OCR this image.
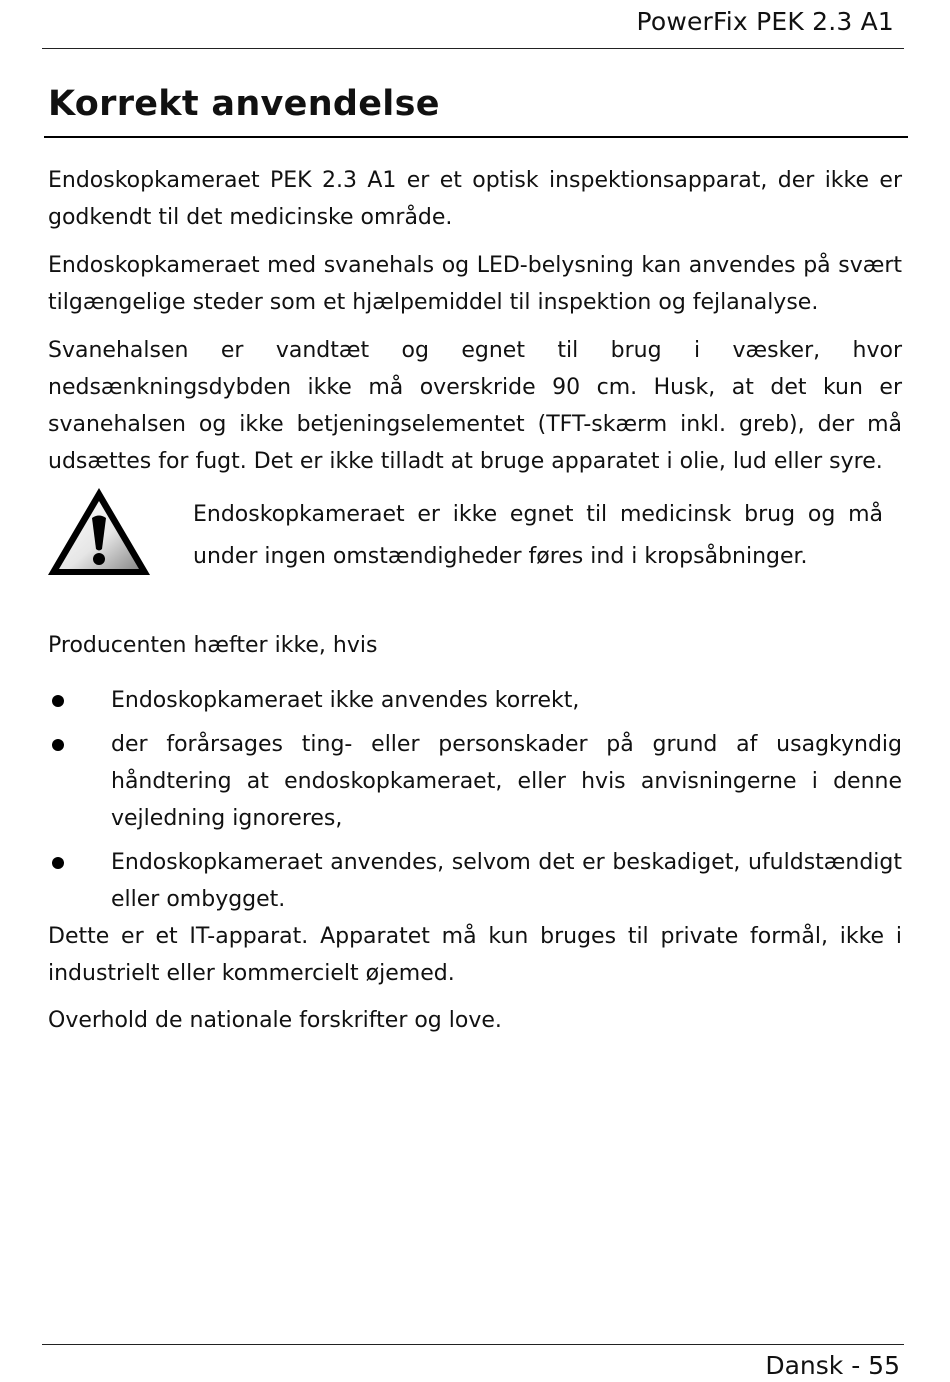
PowerFix PEK 2.3 A1
Korrekt anvendelse

Endoskopkameraet PEK 2.3 A1 er et optisk inspektionsapparat, der ikke er godkendt til det medicinske område.

Endoskopkameraet med svanehals og LED-belysning kan anvendes på svært tilgængelige steder som et hjælpemiddel til inspektion og fejlanalyse.

Svanehalsen er vandtæt og egnet til brug i væsker, hvor nedsænkningsdybden ikke må overskride 90 cm. Husk, at det kun er svanehalsen og ikke betjeningselementet (TFT-skærm inkl. greb), der må udsættes for fugt. Det er ikke tilladt at bruge apparatet i olie, lud eller syre.

Endoskopkameraet er ikke egnet til medicinsk brug og må under ingen omstændigheder føres ind i kropsåbninger.

Producenten hæfter ikke, hvis

Endoskopkameraet ikke anvendes korrekt,
der forårsages ting- eller personskader på grund af usagkyndig håndtering at endoskopkameraet, eller hvis anvisningerne i denne vejledning ignoreres,
Endoskopkameraet anvendes, selvom det er beskadiget, ufuldstændigt eller ombygget.

Dette er et IT-apparat. Apparatet må kun bruges til private formål, ikke i industrielt eller kommercielt øjemed.

Overhold de nationale forskrifter og love.

Dansk - 55
